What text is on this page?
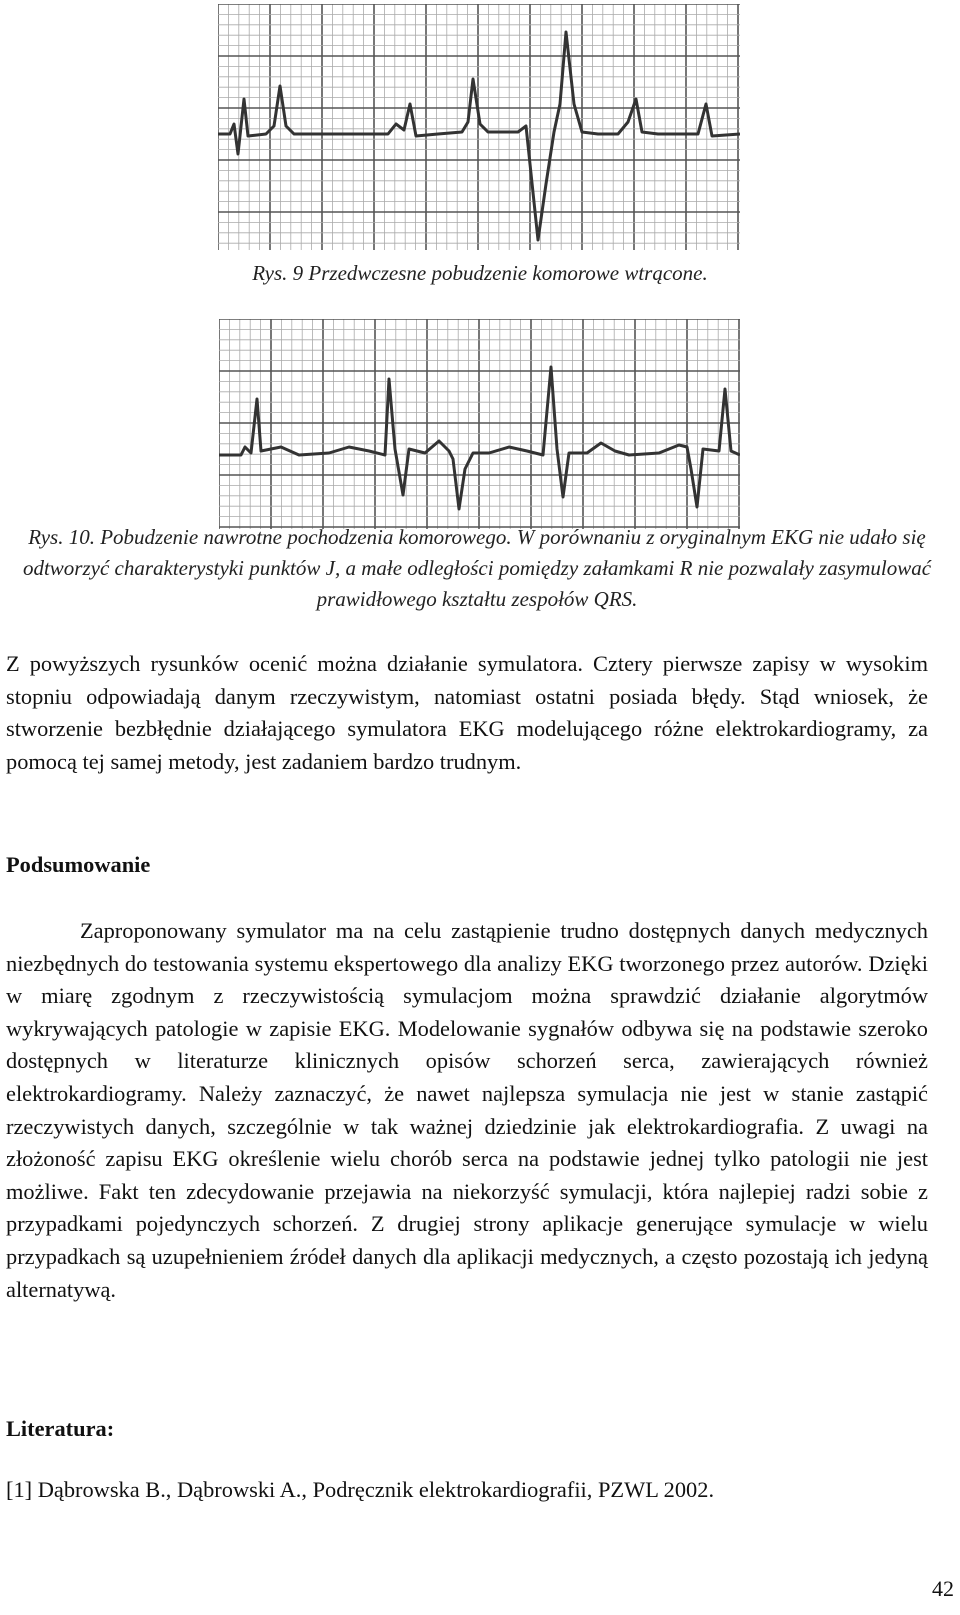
Rys. 9 Przedwczesne pobudzenie komorowe wtrącone.
Rys. 10. Pobudzenie nawrotne pochodzenia komorowego. W porównaniu z oryginalnym EKG nie udało się odtworzyć charakterystyki punktów J, a małe odległości pomiędzy załamkami R nie pozwalały zasymulować prawidłowego kształtu zespołów QRS.

Z powyższych rysunków ocenić można działanie symulatora. Cztery pierwsze zapisy w wysokim stopniu odpowiadają danym rzeczywistym, natomiast ostatni posiada błędy. Stąd wniosek, że stworzenie bezbłędnie działającego symulatora EKG modelującego różne elektrokardiogramy, za pomocą tej samej metody, jest zadaniem bardzo trudnym.

Podsumowanie

Zaproponowany symulator ma na celu zastąpienie trudno dostępnych danych medycznych niezbędnych do testowania systemu ekspertowego dla analizy EKG tworzonego przez autorów. Dzięki w miarę zgodnym z rzeczywistością symulacjom można sprawdzić działanie algorytmów wykrywających patologie w zapisie EKG. Modelowanie sygnałów odbywa się na podstawie szeroko dostępnych w literaturze klinicznych opisów schorzeń serca, zawierających również elektrokardiogramy. Należy zaznaczyć, że nawet najlepsza symulacja nie jest w stanie zastąpić rzeczywistych danych, szczególnie w tak ważnej dziedzinie jak elektrokardiografia. Z uwagi na złożoność zapisu EKG określenie wielu chorób serca na podstawie jednej tylko patologii nie jest możliwe. Fakt ten zdecydowanie przejawia na niekorzyść symulacji, która najlepiej radzi sobie z przypadkami pojedynczych schorzeń. Z drugiej strony aplikacje generujące symulacje w wielu przypadkach są uzupełnieniem źródeł danych dla aplikacji medycznych, a często pozostają ich jedyną alternatywą.

Literatura:

[1] Dąbrowska B., Dąbrowski A., Podręcznik elektrokardiografii, PZWL 2002.

42
